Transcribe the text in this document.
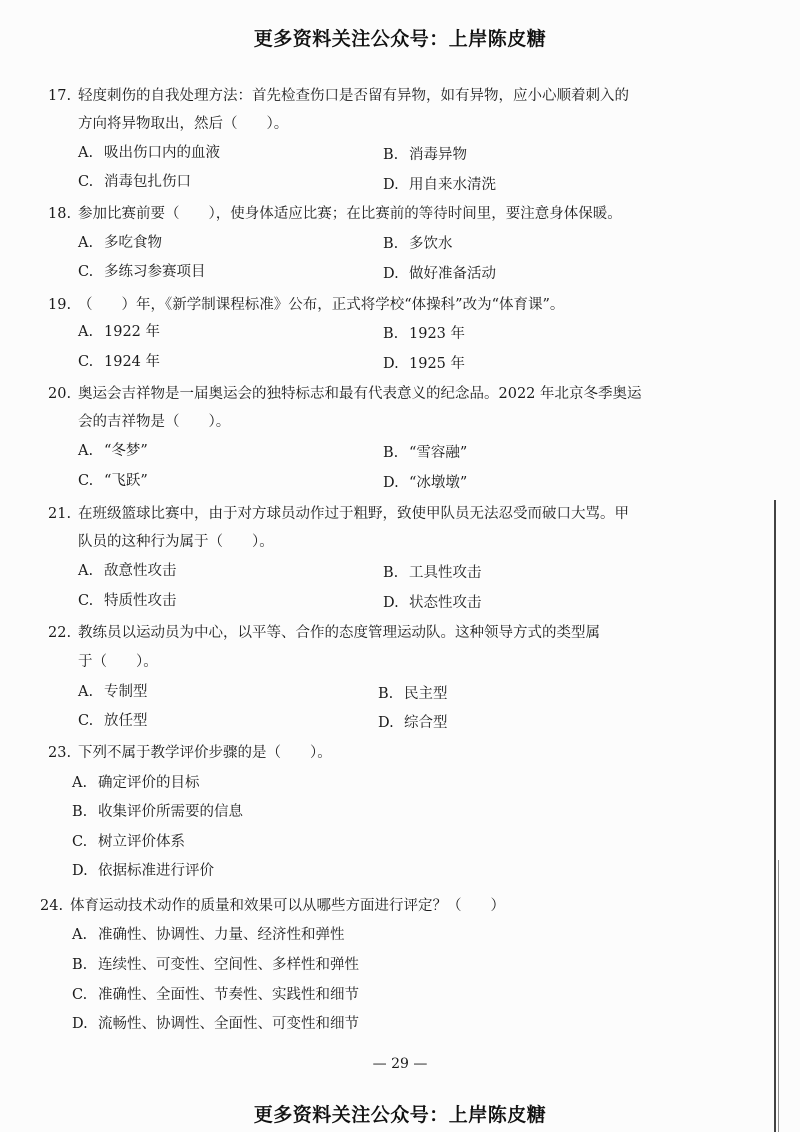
更多资料关注公众号：上岸陈皮糖
17. 轻度刺伤的自我处理方法：首先检查伤口是否留有异物，如有异物，应小心顺着刺入的
方向将异物取出，然后（　　）。
A. 吸出伤口内的血液	B. 消毒异物
C. 消毒包扎伤口	D. 用自来水清洗
18. 参加比赛前要（　　），使身体适应比赛；在比赛前的等待时间里，要注意身体保暖。
A. 多吃食物	B. 多饮水
C. 多练习参赛项目	D. 做好准备活动
19. （　　）年，《新学制课程标准》公布，正式将学校“体操科”改为“体育课”。
A. 1922 年	B. 1923 年
C. 1924 年	D. 1925 年
20. 奥运会吉祥物是一届奥运会的独特标志和最有代表意义的纪念品。2022 年北京冬季奥运
会的吉祥物是（　　）。
A. “冬梦”	B. “雪容融”
C. “飞跃”	D. “冰墩墩”
21. 在班级篮球比赛中，由于对方球员动作过于粗野，致使甲队员无法忍受而破口大骂。甲
队员的这种行为属于（　　）。
A. 敌意性攻击	B. 工具性攻击
C. 特质性攻击	D. 状态性攻击
22. 教练员以运动员为中心，以平等、合作的态度管理运动队。这种领导方式的类型属
于（　　）。
A. 专制型	B. 民主型
C. 放任型	D. 综合型
23. 下列不属于教学评价步骤的是（　　）。
A. 确定评价的目标
B. 收集评价所需要的信息
C. 树立评价体系
D. 依据标准进行评价
24. 体育运动技术动作的质量和效果可以从哪些方面进行评定？（　　）
A. 准确性、协调性、力量、经济性和弹性
B. 连续性、可变性、空间性、多样性和弹性
C. 准确性、全面性、节奏性、实践性和细节
D. 流畅性、协调性、全面性、可变性和细节
— 29 —
更多资料关注公众号：上岸陈皮糖
